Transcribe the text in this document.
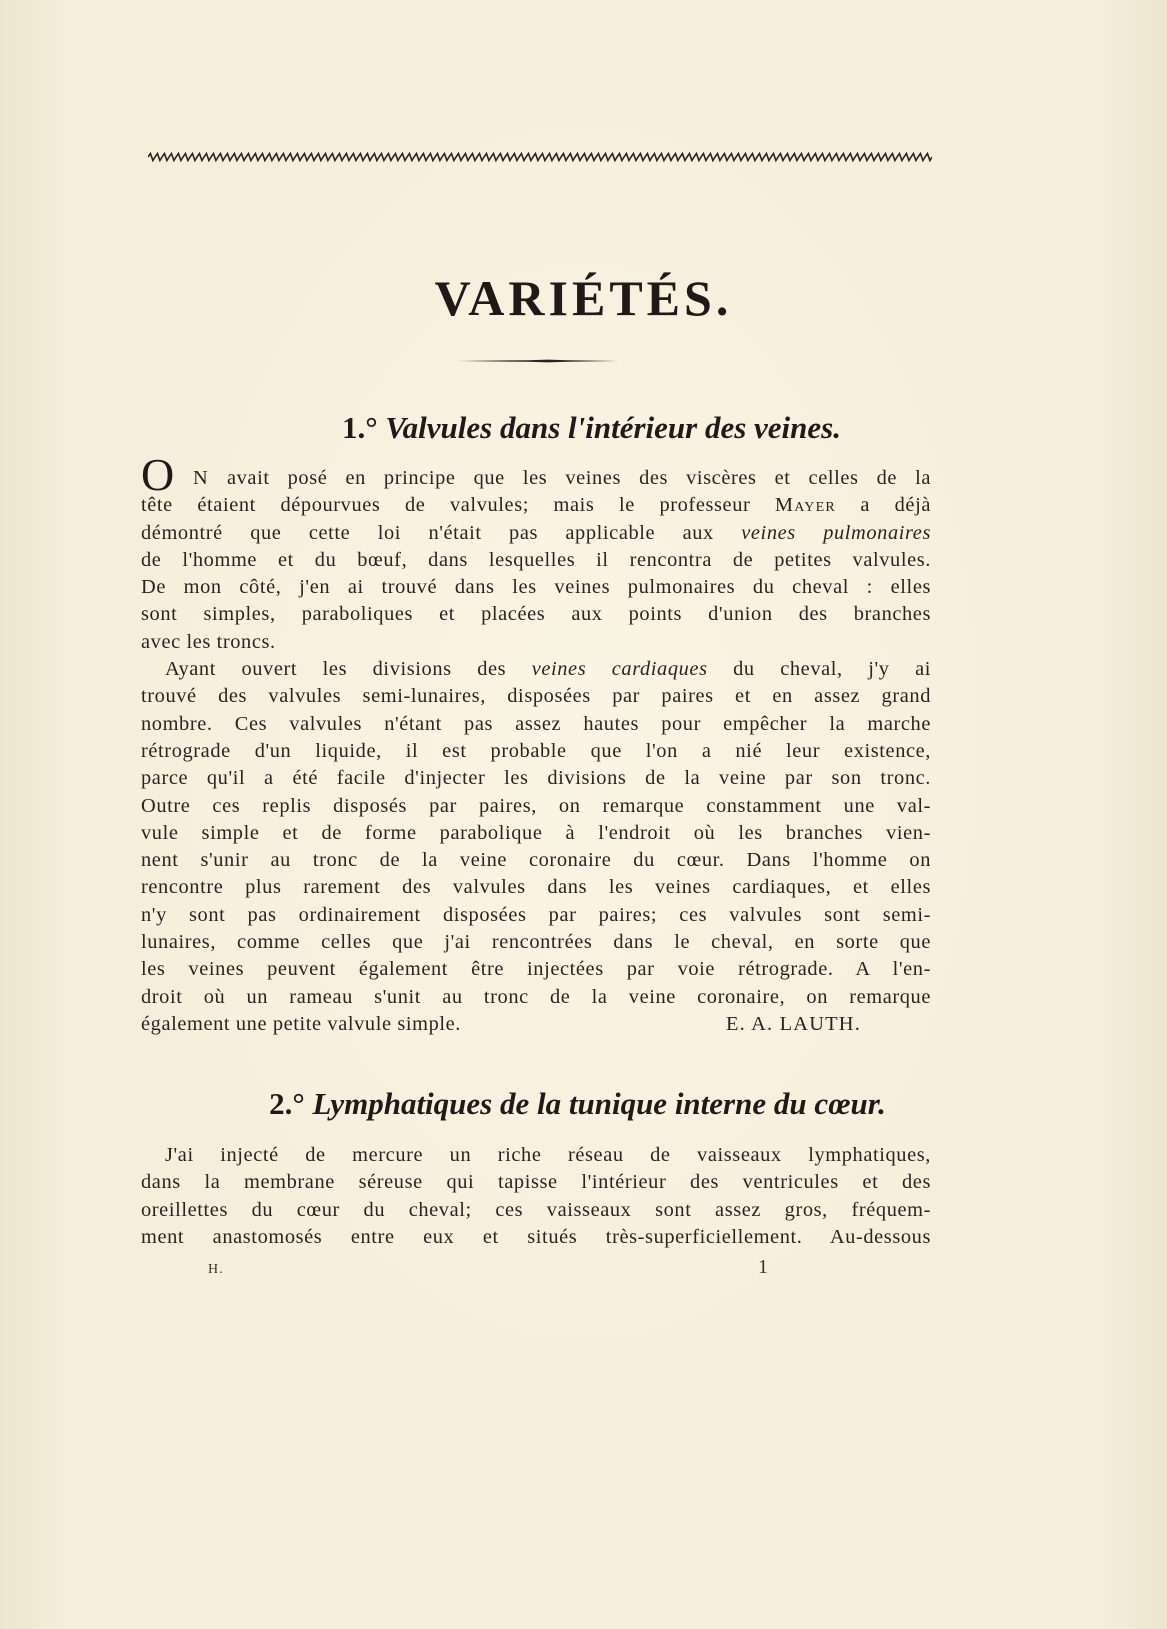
VARIÉTÉS.
1.° Valvules dans l'intérieur des veines.
O N avait posé en principe que les veines des viscères et celles de la
tête étaient dépourvues de valvules; mais le professeur Mayer a déjà
démontré que cette loi n'était pas applicable aux veines pulmonaires
de l'homme et du bœuf, dans lesquelles il rencontra de petites valvules.
De mon côté, j'en ai trouvé dans les veines pulmonaires du cheval : elles
sont simples, paraboliques et placées aux points d'union des branches
avec les troncs.
Ayant ouvert les divisions des veines cardiaques du cheval, j'y ai
trouvé des valvules semi-lunaires, disposées par paires et en assez grand
nombre. Ces valvules n'étant pas assez hautes pour empêcher la marche
rétrograde d'un liquide, il est probable que l'on a nié leur existence,
parce qu'il a été facile d'injecter les divisions de la veine par son tronc.
Outre ces replis disposés par paires, on remarque constamment une val-
vule simple et de forme parabolique à l'endroit où les branches vien-
nent s'unir au tronc de la veine coronaire du cœur. Dans l'homme on
rencontre plus rarement des valvules dans les veines cardiaques, et elles
n'y sont pas ordinairement disposées par paires; ces valvules sont semi-
lunaires, comme celles que j'ai rencontrées dans le cheval, en sorte que
les veines peuvent également être injectées par voie rétrograde. A l'en-
droit où un rameau s'unit au tronc de la veine coronaire, on remarque
également une petite valvule simple.	E. A. LAUTH.
2.° Lymphatiques de la tunique interne du cœur.
J'ai injecté de mercure un riche réseau de vaisseaux lymphatiques,
dans la membrane séreuse qui tapisse l'intérieur des ventricules et des
oreillettes du cœur du cheval; ces vaisseaux sont assez gros, fréquem-
ment anastomosés entre eux et situés très-superficiellement. Au-dessous
H.	1
